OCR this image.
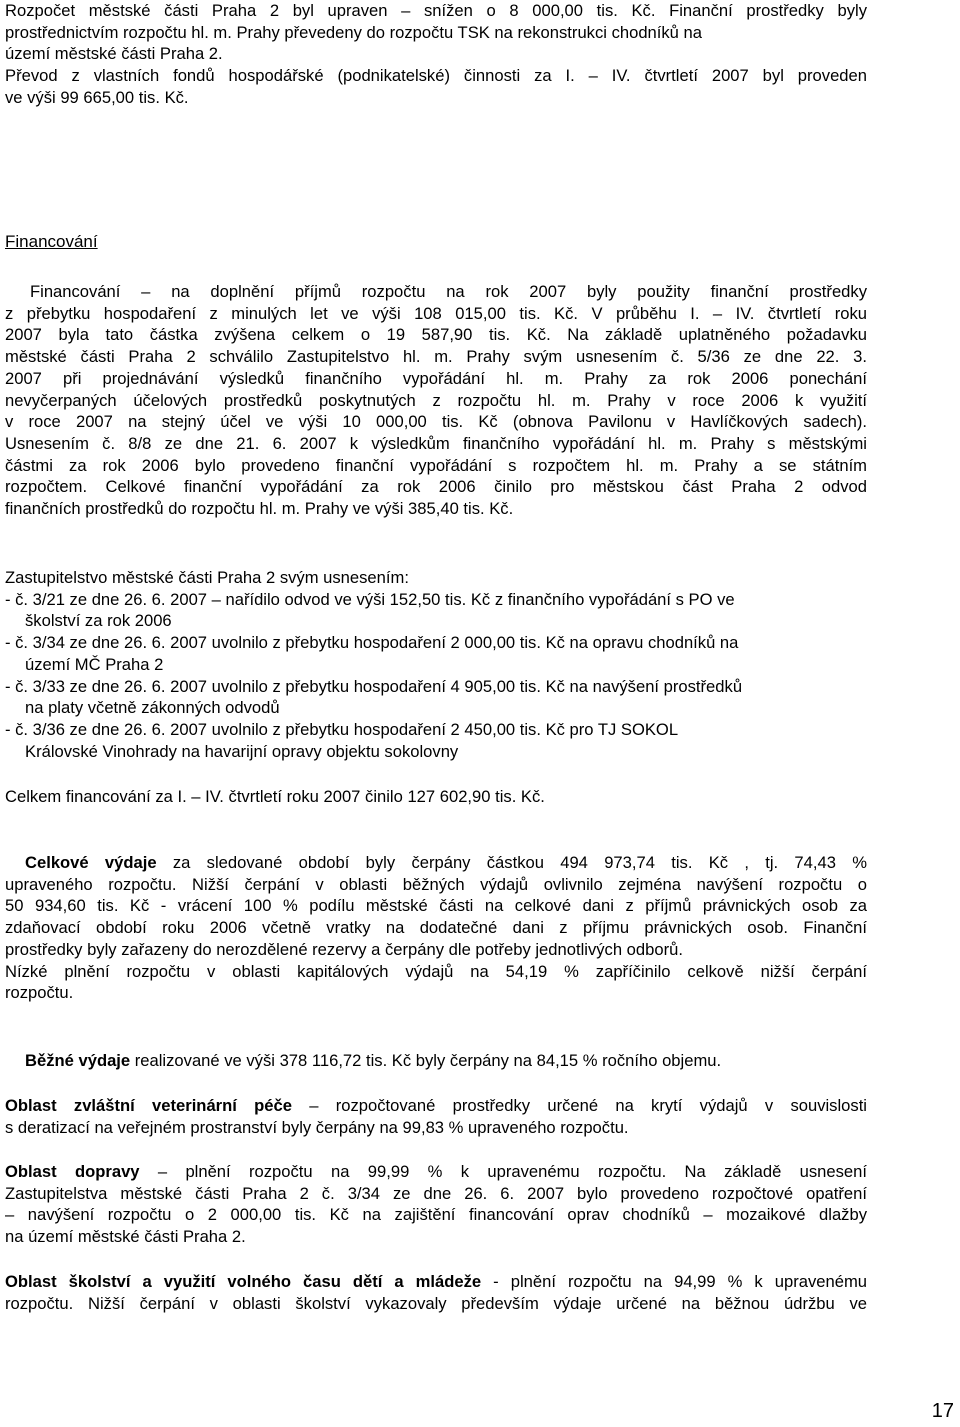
Rozpočet městské části Praha 2 byl upraven – snížen o 8 000,00 tis. Kč. Finanční prostředky byly
prostřednictvím rozpočtu hl. m. Prahy převedeny do rozpočtu TSK na rekonstrukci chodníků na
území městské části Praha 2.
Převod z vlastních fondů hospodářské (podnikatelské) činnosti za I. – IV. čtvrtletí 2007 byl proveden
ve výši 99 665,00 tis. Kč.
Financování
Financování – na doplnění příjmů rozpočtu na rok 2007 byly použity finanční prostředky
z přebytku hospodaření z minulých let ve výši 108 015,00 tis. Kč. V průběhu I. – IV. čtvrtletí roku
2007 byla tato částka zvýšena celkem o 19 587,90 tis. Kč. Na základě uplatněného požadavku
městské části Praha 2 schválilo Zastupitelstvo hl. m. Prahy svým usnesením č. 5/36 ze dne 22. 3.
2007 při projednávání výsledků finančního vypořádání hl. m. Prahy za rok 2006 ponechání
nevyčerpaných účelových prostředků poskytnutých z rozpočtu hl. m. Prahy v roce 2006 k využití
v roce 2007 na stejný účel ve výši 10 000,00 tis. Kč (obnova Pavilonu v Havlíčkových sadech).
Usnesením č. 8/8 ze dne 21. 6. 2007 k výsledkům finančního vypořádání hl. m. Prahy s městskými
částmi za rok 2006 bylo provedeno finanční vypořádání s rozpočtem hl. m. Prahy a se státním
rozpočtem. Celkové finanční vypořádání za rok 2006 činilo pro městskou část Praha 2 odvod
finančních prostředků do rozpočtu hl. m. Prahy ve výši 385,40 tis. Kč.
Zastupitelstvo městské části Praha 2 svým usnesením:
- č. 3/21 ze dne 26. 6. 2007 – nařídilo odvod ve výši 152,50 tis. Kč z finančního vypořádání s PO ve
školství za rok 2006
- č. 3/34 ze dne 26. 6. 2007 uvolnilo z přebytku hospodaření 2 000,00 tis. Kč na opravu chodníků na
území MČ Praha 2
- č. 3/33 ze dne 26. 6. 2007 uvolnilo z přebytku hospodaření 4 905,00 tis. Kč na navýšení prostředků
na platy včetně zákonných odvodů
- č. 3/36 ze dne 26. 6. 2007 uvolnilo z přebytku hospodaření 2 450,00 tis. Kč pro TJ SOKOL
Královské Vinohrady na havarijní opravy objektu sokolovny
Celkem financování za I. – IV. čtvrtletí roku 2007 činilo 127 602,90 tis. Kč.
Celkové výdaje za sledované období byly čerpány částkou 494 973,74 tis. Kč , tj. 74,43 %
upraveného rozpočtu. Nižší čerpání v oblasti běžných výdajů ovlivnilo zejména navýšení rozpočtu o
50 934,60 tis. Kč - vrácení 100 % podílu městské části na celkové dani z příjmů právnických osob za
zdaňovací období roku 2006 včetně vratky na dodatečné dani z příjmu právnických osob. Finanční
prostředky byly zařazeny do nerozdělené rezervy a čerpány dle potřeby jednotlivých odborů.
Nízké plnění rozpočtu v oblasti kapitálových výdajů na 54,19 % zapříčinilo celkově nižší čerpání
rozpočtu.
Běžné výdaje realizované ve výši 378 116,72 tis. Kč byly čerpány na 84,15 % ročního objemu.
Oblast zvláštní veterinární péče – rozpočtované prostředky určené na krytí výdajů v souvislosti
s deratizací na veřejném prostranství byly čerpány na 99,83 % upraveného rozpočtu.
Oblast dopravy – plnění rozpočtu na 99,99 % k upravenému rozpočtu. Na základě usnesení
Zastupitelstva městské části Praha 2 č. 3/34 ze dne 26. 6. 2007 bylo provedeno rozpočtové opatření
– navýšení rozpočtu o 2 000,00 tis. Kč na zajištění financování oprav chodníků – mozaikové dlažby
na území městské části Praha 2.
Oblast školství a využití volného času dětí a mládeže - plnění rozpočtu na 94,99 % k upravenému
rozpočtu. Nižší čerpání v oblasti školství vykazovaly především výdaje určené na běžnou údržbu ve
17
